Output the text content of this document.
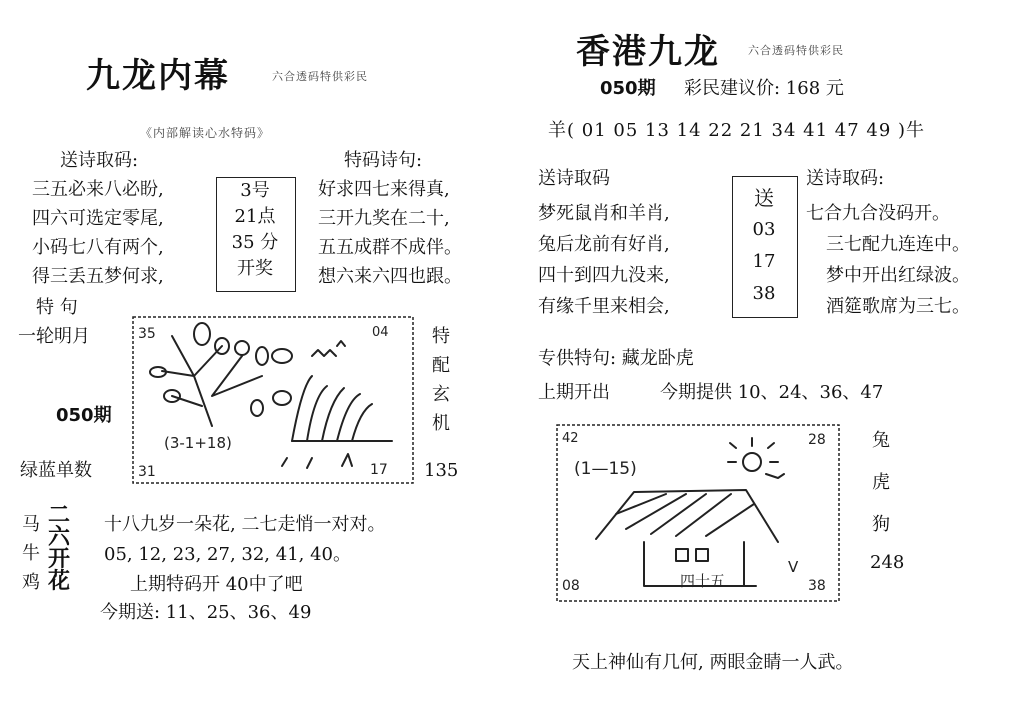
九龙内幕	六合透码特供彩民
《内部解读心水特码》
送诗取码:
三五必来八必盼,
四六可选定零尾,
小码七八有两个,
得三丢五梦何求,
3号
21点
35 分
开奖
特码诗句:
好求四七来得真,
三开九奖在二十,
五五成群不成伴。
想六来六四也跟。
特 句
一轮明月
050期
绿蓝单数
35	04
31	17
(3-1+18)
特
配
玄
机
135
马
牛
鸡
二
六
开
花
十八九岁一朵花, 二七走悄一对对。
05, 12, 23, 27, 32, 41, 40。
上期特码开 40中了吧
今期送: 11、25、36、49
香港九龙	六合透码特供彩民
050期 彩民建议价: 168 元
羊( 01 05 13 14 22 21 34 41 47 49 )牛
送诗取码
梦死鼠肖和羊肖,
兔后龙前有好肖,
四十到四九没来,
有缘千里来相会,
送
03
17
38
送诗取码:
七合九合没码开。
三七配九连连中。
梦中开出红绿波。
酒筵歌席为三七。
专供特句: 藏龙卧虎
上期开出	今期提供 10、24、36、47
42	28
08	38
(1—15)
四十五
V
兔
虎
狗
248
天上神仙有几何, 两眼金睛一人武。
